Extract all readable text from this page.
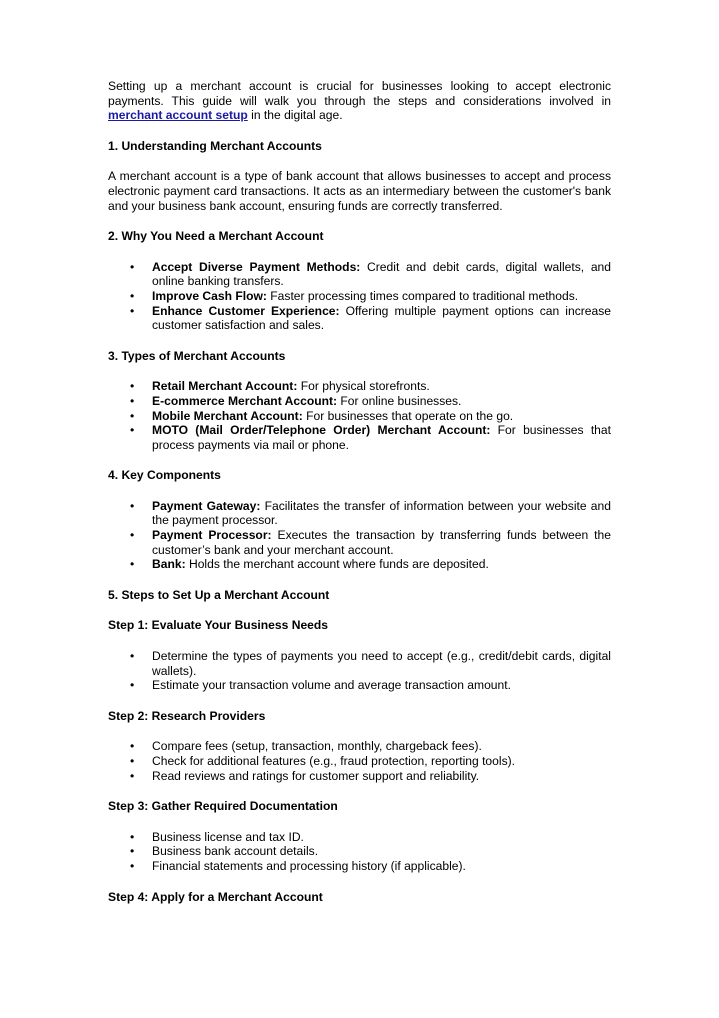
Setting up a merchant account is crucial for businesses looking to accept electronic payments. This guide will walk you through the steps and considerations involved in merchant account setup in the digital age.

1. Understanding Merchant Accounts

A merchant account is a type of bank account that allows businesses to accept and process electronic payment card transactions. It acts as an intermediary between the customer's bank and your business bank account, ensuring funds are correctly transferred.

2. Why You Need a Merchant Account
• Accept Diverse Payment Methods: Credit and debit cards, digital wallets, and online banking transfers.
• Improve Cash Flow: Faster processing times compared to traditional methods.
• Enhance Customer Experience: Offering multiple payment options can increase customer satisfaction and sales.
3. Types of Merchant Accounts
• Retail Merchant Account: For physical storefronts.
• E-commerce Merchant Account: For online businesses.
• Mobile Merchant Account: For businesses that operate on the go.
• MOTO (Mail Order/Telephone Order) Merchant Account: For businesses that process payments via mail or phone.
4. Key Components
• Payment Gateway: Facilitates the transfer of information between your website and the payment processor.
• Payment Processor: Executes the transaction by transferring funds between the customer’s bank and your merchant account.
• Bank: Holds the merchant account where funds are deposited.
5. Steps to Set Up a Merchant Account
Step 1: Evaluate Your Business Needs
• Determine the types of payments you need to accept (e.g., credit/debit cards, digital wallets).
• Estimate your transaction volume and average transaction amount.
Step 2: Research Providers
• Compare fees (setup, transaction, monthly, chargeback fees).
• Check for additional features (e.g., fraud protection, reporting tools).
• Read reviews and ratings for customer support and reliability.
Step 3: Gather Required Documentation
• Business license and tax ID.
• Business bank account details.
• Financial statements and processing history (if applicable).
Step 4: Apply for a Merchant Account
